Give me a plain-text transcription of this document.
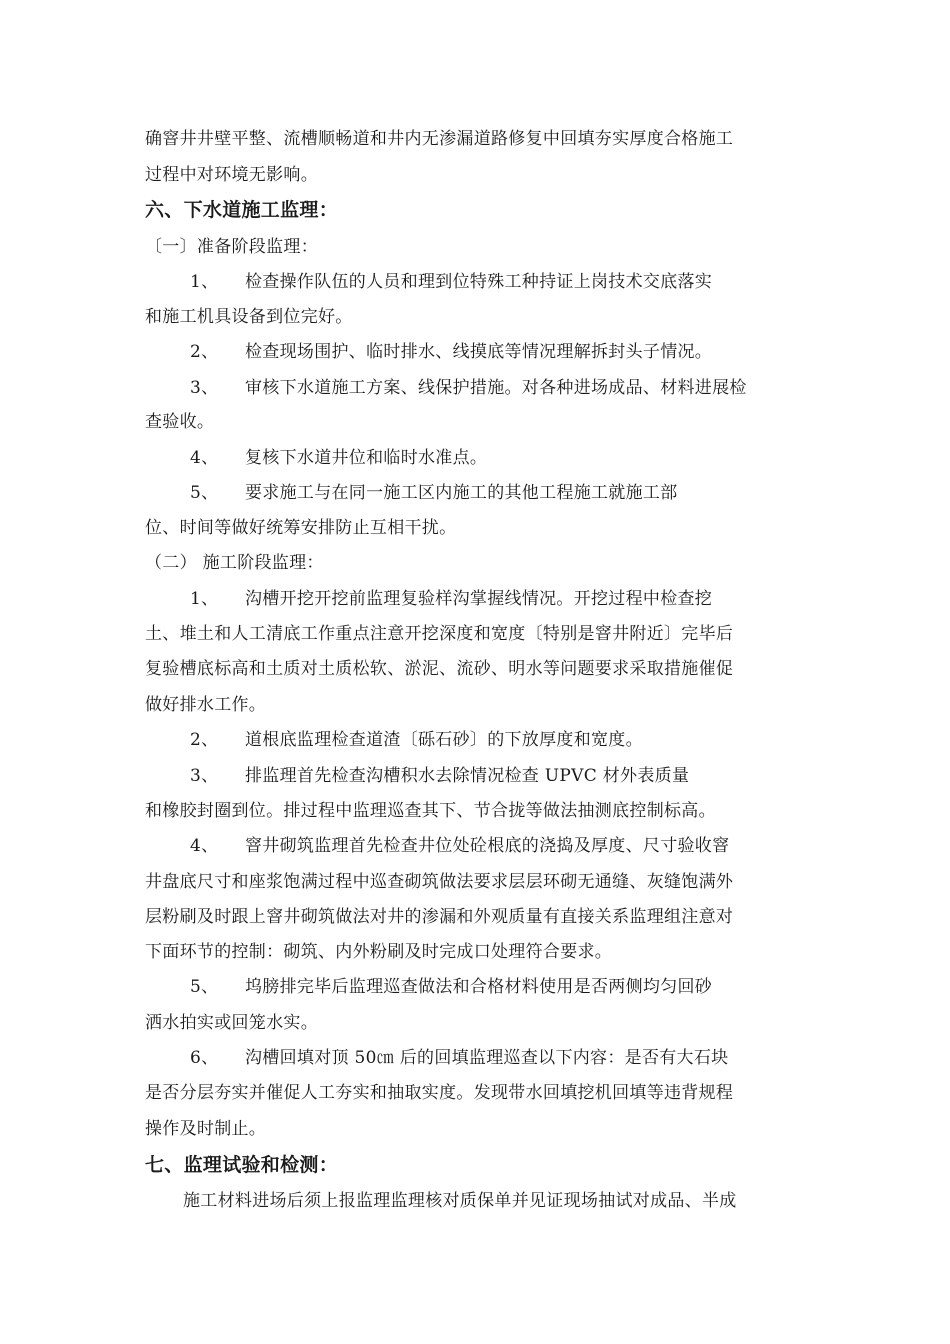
确窨井井壁平整、流槽顺畅道和井内无渗漏道路修复中回填夯实厚度合格施工
过程中对环境无影响。
六、下水道施工监理：
〔一〕准备阶段监理：
1、 检查操作队伍的人员和理到位特殊工种持证上岗技术交底落实
和施工机具设备到位完好。
2、 检查现场围护、临时排水、线摸底等情况理解拆封头子情况。
3、 审核下水道施工方案、线保护措施。对各种进场成品、材料进展检
查验收。
4、 复核下水道井位和临时水准点。
5、 要求施工与在同一施工区内施工的其他工程施工就施工部
位、时间等做好统筹安排防止互相干扰。
（二） 施工阶段监理：
1、 沟槽开挖开挖前监理复验样沟掌握线情况。开挖过程中检查挖
土、堆土和人工清底工作重点注意开挖深度和宽度〔特别是窨井附近〕完毕后
复验槽底标高和土质对土质松软、淤泥、流砂、明水等问题要求采取措施催促
做好排水工作。
2、 道根底监理检查道渣〔砾石砂〕的下放厚度和宽度。
3、 排监理首先检查沟槽积水去除情况检查 UPVC 材外表质量
和橡胶封圈到位。排过程中监理巡查其下、节合拢等做法抽测底控制标高。
4、 窨井砌筑监理首先检查井位处砼根底的浇捣及厚度、尺寸验收窨
井盘底尺寸和座浆饱满过程中巡查砌筑做法要求层层环砌无通缝、灰缝饱满外
层粉刷及时跟上窨井砌筑做法对井的渗漏和外观质量有直接关系监理组注意对
下面环节的控制：砌筑、内外粉刷及时完成口处理符合要求。
5、 坞膀排完毕后监理巡查做法和合格材料使用是否两侧均匀回砂
洒水拍实或回笼水实。
6、 沟槽回填对顶 50㎝ 后的回填监理巡查以下内容：是否有大石块
是否分层夯实并催促人工夯实和抽取实度。发现带水回填挖机回填等违背规程
操作及时制止。
七、监理试验和检测：
施工材料进场后须上报监理监理核对质保单并见证现场抽试对成品、半成
